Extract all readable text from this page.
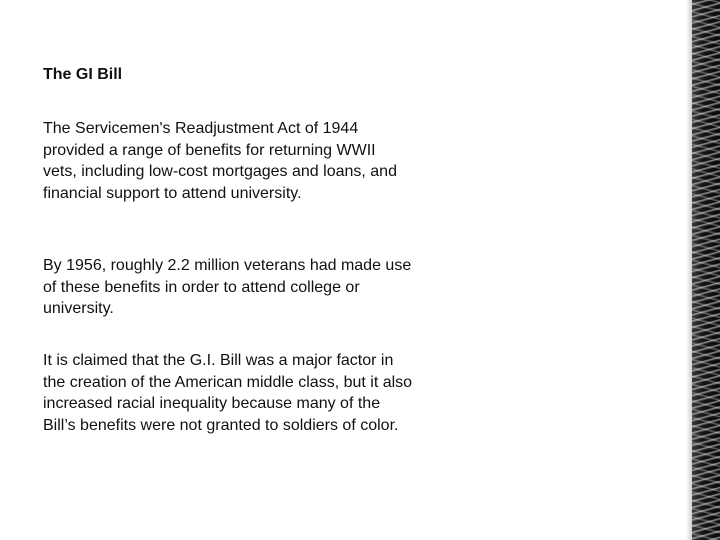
The GI Bill

The Servicemen's Readjustment Act of 1944 provided a range of benefits for returning WWII vets, including low-cost mortgages and loans, and financial support to attend university.

By 1956, roughly 2.2 million veterans had made use of these benefits in order to attend college or university.

It is claimed that the G.I. Bill was a major factor in the creation of the American middle class, but it also increased racial inequality because many of the Bill’s benefits were not granted to soldiers of color.
